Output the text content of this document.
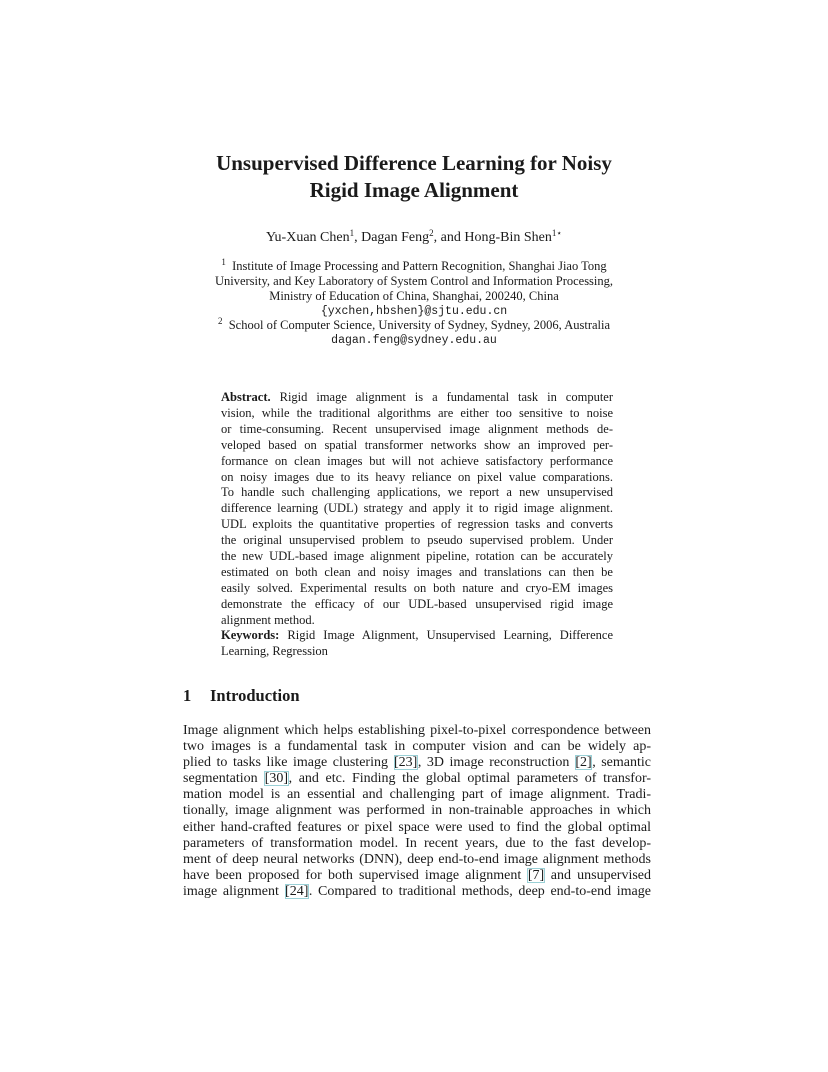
Unsupervised Difference Learning for Noisy
Rigid Image Alignment
Yu-Xuan Chen$^1$, Dagan Feng$^2$, and Hong-Bin Shen$^{1⋆}$
$^1$ Institute of Image Processing and Pattern Recognition, Shanghai Jiao Tong
University, and Key Laboratory of System Control and Information Processing,
Ministry of Education of China, Shanghai, 200240, China
{yxchen,hbshen}@sjtu.edu.cn
$^2$ School of Computer Science, University of Sydney, Sydney, 2006, Australia
dagan.feng@sydney.edu.au
Abstract. Rigid image alignment is a fundamental task in computer
vision, while the traditional algorithms are either too sensitive to noise
or time-consuming. Recent unsupervised image alignment methods de-
veloped based on spatial transformer networks show an improved per-
formance on clean images but will not achieve satisfactory performance
on noisy images due to its heavy reliance on pixel value comparations.
To handle such challenging applications, we report a new unsupervised
difference learning (UDL) strategy and apply it to rigid image alignment.
UDL exploits the quantitative properties of regression tasks and converts
the original unsupervised problem to pseudo supervised problem. Under
the new UDL-based image alignment pipeline, rotation can be accurately
estimated on both clean and noisy images and translations can then be
easily solved. Experimental results on both nature and cryo-EM images
demonstrate the efficacy of our UDL-based unsupervised rigid image
alignment method.
Keywords: Rigid Image Alignment, Unsupervised Learning, Difference
Learning, Regression
1 Introduction
Image alignment which helps establishing pixel-to-pixel correspondence between
two images is a fundamental task in computer vision and can be widely ap-
plied to tasks like image clustering [23], 3D image reconstruction [2], semantic
segmentation [30], and etc. Finding the global optimal parameters of transfor-
mation model is an essential and challenging part of image alignment. Tradi-
tionally, image alignment was performed in non-trainable approaches in which
either hand-crafted features or pixel space were used to find the global optimal
parameters of transformation model. In recent years, due to the fast develop-
ment of deep neural networks (DNN), deep end-to-end image alignment methods
have been proposed for both supervised image alignment [7] and unsupervised
image alignment [24]. Compared to traditional methods, deep end-to-end image
